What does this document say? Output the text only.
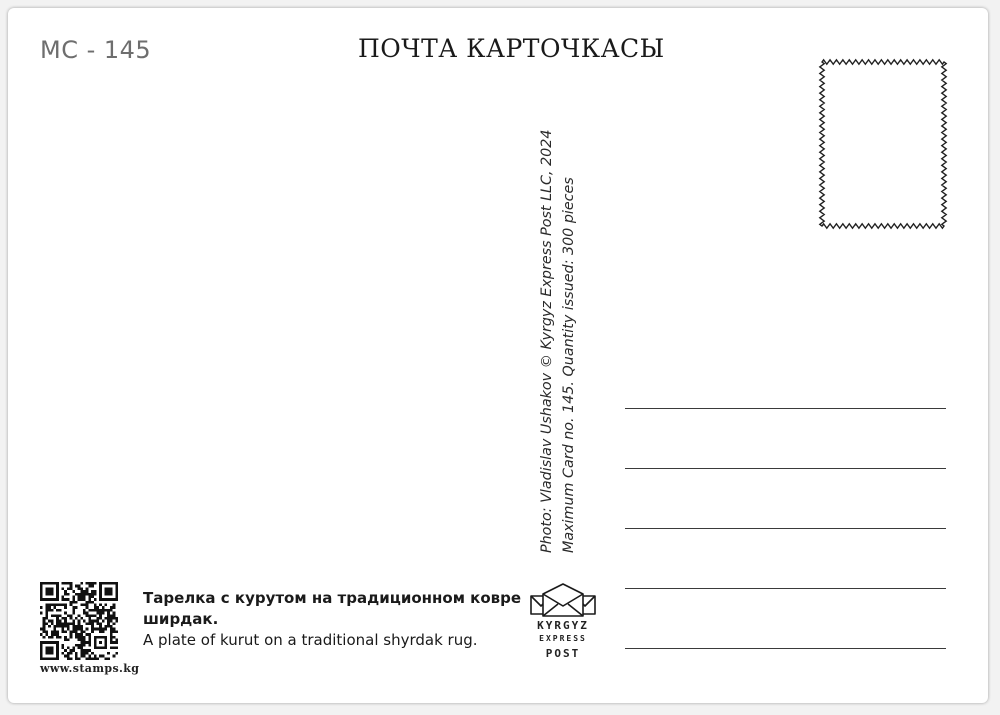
MC - 145	ПОЧТА КАРТОЧКАСЫ
Photo: Vladislav Ushakov © Kyrgyz Express Post LLC, 2024 Maximum Card no. 145. Quantity issued: 300 pieces
www.stamps.kg
Тарелка с курутом на традиционном ковре ширдак.
A plate of kurut on a traditional shyrdak rug.
KYRGYZ
EXPRESS
POST
